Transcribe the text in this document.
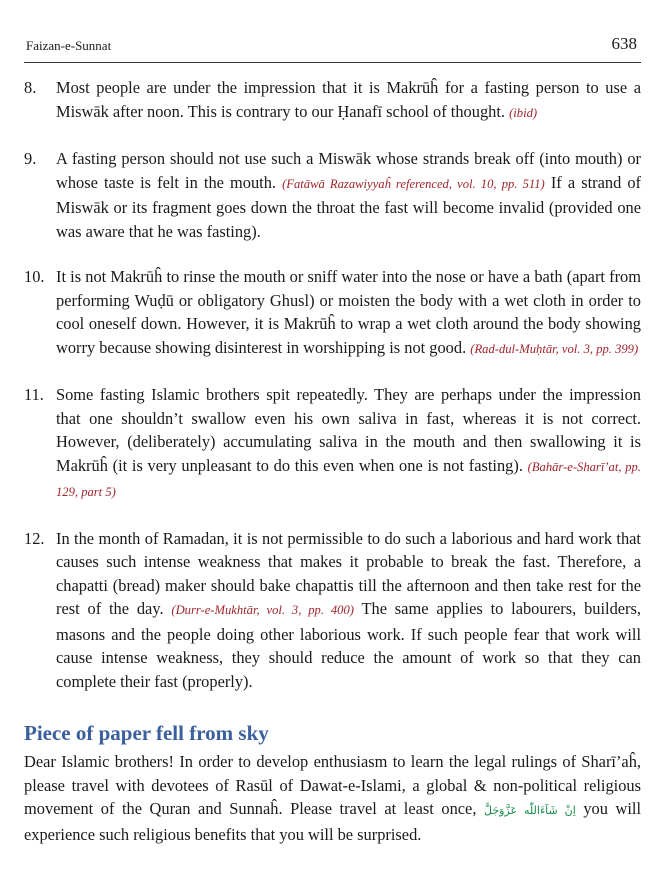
Faizan-e-Sunnat	638
8.	Most people are under the impression that it is Makrūĥ for a fasting person to use a Miswāk after noon. This is contrary to our Ḥanafī school of thought. (ibid)
9.	A fasting person should not use such a Miswāk whose strands break off (into mouth) or whose taste is felt in the mouth. (Fatāwā Razawiyyaĥ referenced, vol. 10, pp. 511) If a strand of Miswāk or its fragment goes down the throat the fast will become invalid (provided one was aware that he was fasting).
10. It is not Makrūĥ to rinse the mouth or sniff water into the nose or have a bath (apart from performing Wuḍū or obligatory Ghusl) or moisten the body with a wet cloth in order to cool oneself down. However, it is Makrūĥ to wrap a wet cloth around the body showing worry because showing disinterest in worshipping is not good. (Rad-dul-Muḥtār, vol. 3, pp. 399)
11. Some fasting Islamic brothers spit repeatedly. They are perhaps under the impression that one shouldn’t swallow even his own saliva in fast, whereas it is not correct. However, (deliberately) accumulating saliva in the mouth and then swallowing it is Makrūĥ (it is very unpleasant to do this even when one is not fasting). (Bahār-e-Sharī’at, pp. 129, part 5)
12. In the month of Ramadan, it is not permissible to do such a laborious and hard work that causes such intense weakness that makes it probable to break the fast. Therefore, a chapatti (bread) maker should bake chapattis till the afternoon and then take rest for the rest of the day. (Durr-e-Mukhtār, vol. 3, pp. 400) The same applies to labourers, builders, masons and the people doing other laborious work. If such people fear that work will cause intense weakness, they should reduce the amount of work so that they can complete their fast (properly).
Piece of paper fell from sky
Dear Islamic brothers! In order to develop enthusiasm to learn the legal rulings of Sharī’aĥ, please travel with devotees of Rasūl of Dawat-e-Islami, a global & non-political religious movement of the Quran and Sunnaĥ. Please travel at least once, اِنْ شَآءَاللّٰه عَزَّوَجَلَّ you will experience such religious benefits that you will be surprised.
